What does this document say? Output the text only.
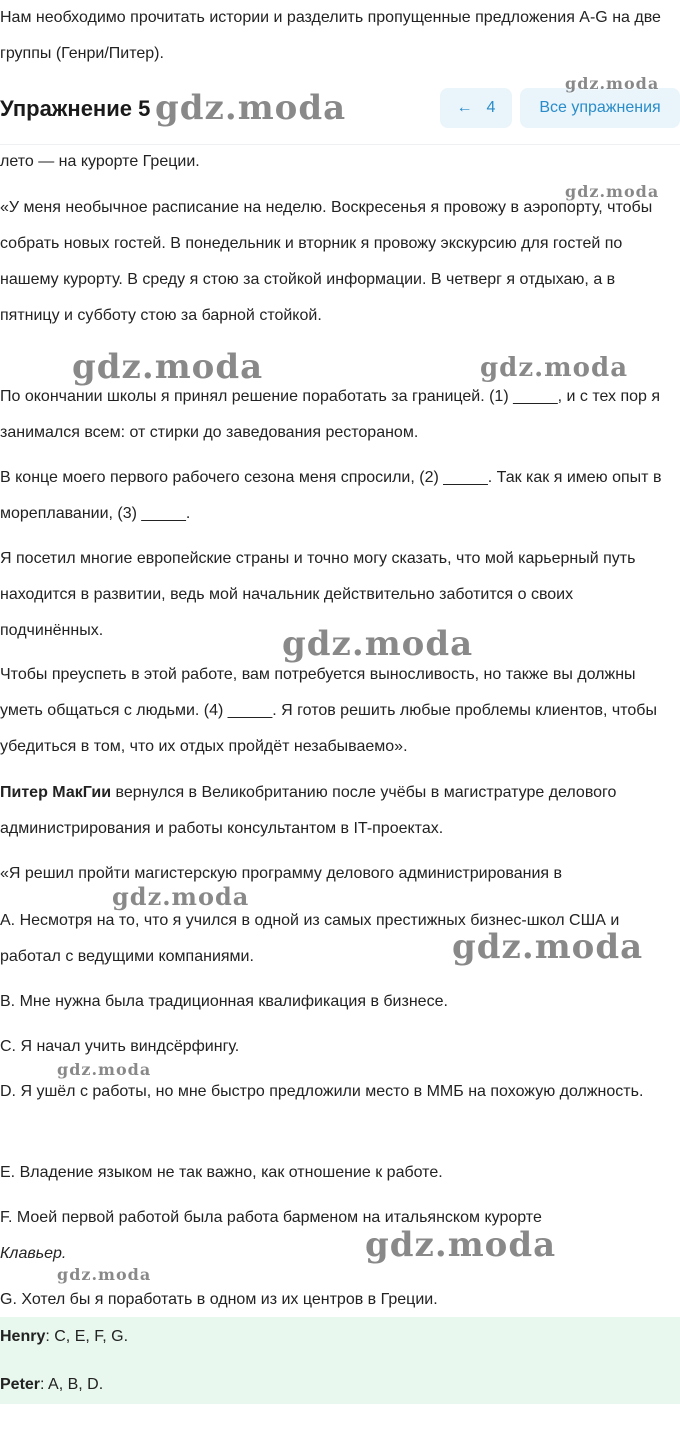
Нам необходимо прочитать истории и разделить пропущенные предложения A-G на две группы (Генри/Питер).

лето — на курорте Греции.

«У меня необычное расписание на неделю. Воскресенья я провожу в аэропорту, чтобы собрать новых гостей. В понедельник и вторник я провожу экскурсию для гостей по нашему курорту. В среду я стою за стойкой информации. В четверг я отдыхаю, а в пятницу и субботу стою за барной стойкой.

По окончании школы я принял решение поработать за границей. (1) _____, и с тех пор я занимался всем: от стирки до заведования рестораном.

В конце моего первого рабочего сезона меня спросили, (2) _____. Так как я имею опыт в мореплавании, (3) _____.

Я посетил многие европейские страны и точно могу сказать, что мой карьерный путь находится в развитии, ведь мой начальник действительно заботится о своих подчинённых.

Чтобы преуспеть в этой работе, вам потребуется выносливость, но также вы должны уметь общаться с людьми. (4) _____. Я готов решить любые проблемы клиентов, чтобы убедиться в том, что их отдых пройдёт незабываемо».

Питер МакГии вернулся в Великобританию после учёбы в магистратуре делового администрирования и работы консультантом в IT-проектах.

«Я решил пройти магистерскую программу делового администрирования в

A. Несмотря на то, что я учился в одной из самых престижных бизнес-школ США и работал с ведущими компаниями.

B. Мне нужна была традиционная квалификация в бизнесе.

C. Я начал учить виндсёрфингу.

D. Я ушёл с работы, но мне быстро предложили место в ММБ на похожую должность.

E. Владение языком не так важно, как отношение к работе.

F. Моей первой работой была работа барменом на итальянском курорте
Клавьер.

G. Хотел бы я поработать в одном из их центров в Греции.

Henry: C, E, F, G.
Peter: A, B, D.
Упражнение 5	← 4	Все упражнения
gdz.moda
gdz.moda
gdz.moda
gdz.moda	gdz.moda
gdz.moda
gdz.moda
gdz.moda
gdz.moda
gdz.moda
gdz.moda
